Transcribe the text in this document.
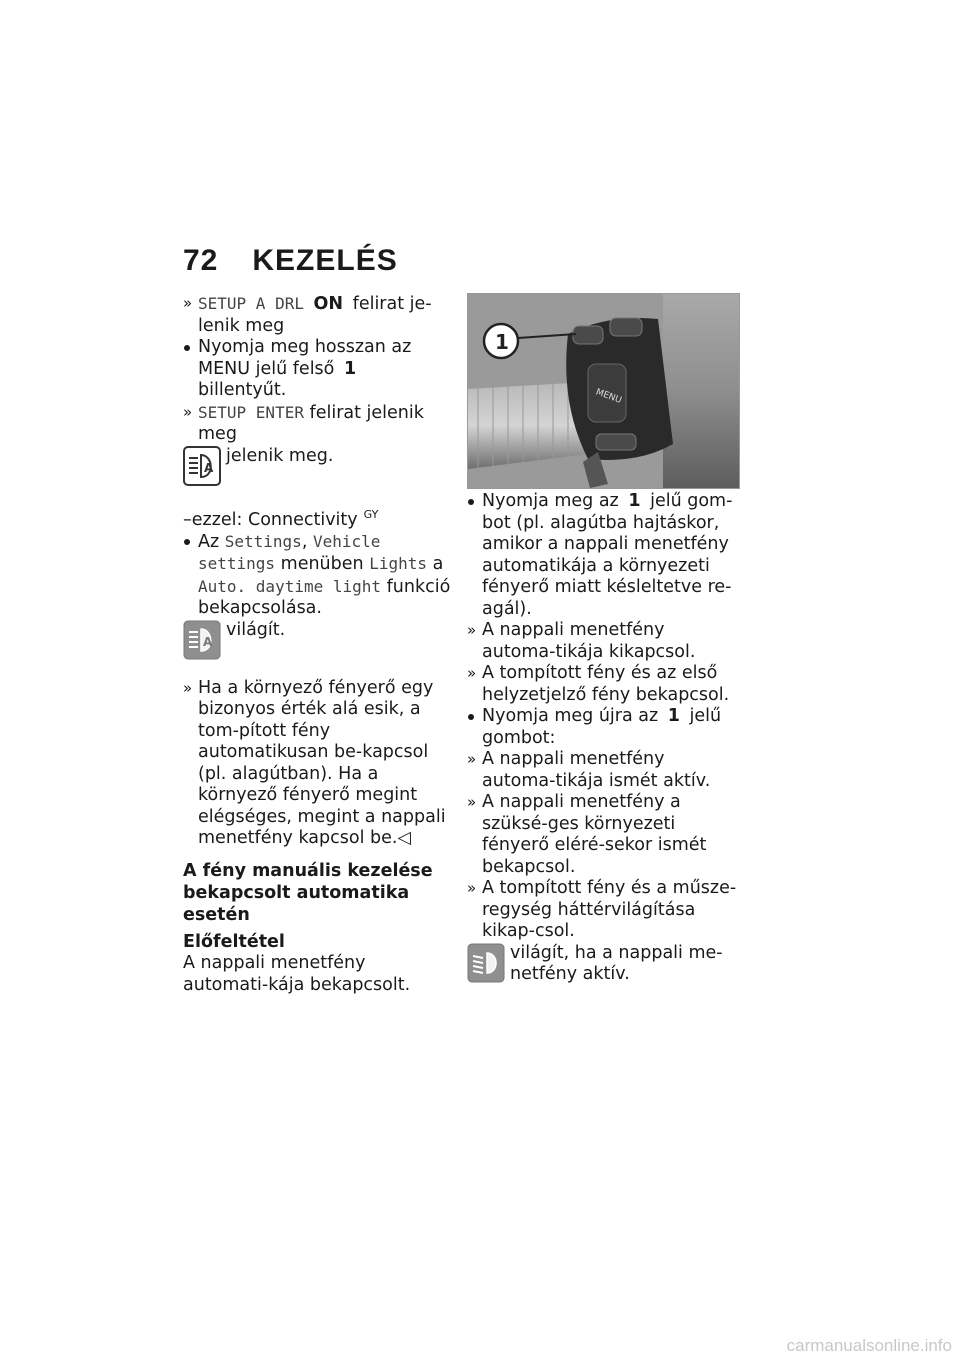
72 KEZELÉS
» SETUP A DRL ON felirat je-lenik meg
Nyomja meg hosszan az MENU jelű felső 1 billentyűt.
» SETUP ENTER felirat jelenik meg
A
jelenik meg.
–ezzel: Connectivity $^{GY}$
Az Settings, Vehicle settings menüben Lights a Auto. daytime light funkció bekapcsolása.
A
világít.
» Ha a környező fényerő egy bizonyos érték alá esik, a tom-pított fény automatikusan be-kapcsol (pl. alagútban). Ha a környező fényerő megint elégséges, megint a nappali menetfény kapcsol be.◁
A fény manuális kezelése bekapcsolt automatika esetén
Előfeltétel
A nappali menetfény automati-kája bekapcsolt.
MENU
1
Nyomja meg az 1 jelű gom-bot (pl. alagútba hajtáskor, amikor a nappali menetfény automatikája a környezeti fényerő miatt késleltetve re-agál).
» A nappali menetfény automa-tikája kikapcsol.
» A tompított fény és az első helyzetjelző fény bekapcsol.
Nyomja meg újra az 1 jelű gombot:
» A nappali menetfény automa-tikája ismét aktív.
» A nappali menetfény a szüksé-ges környezeti fényerő eléré-sekor ismét bekapcsol.
» A tompított fény és a műsze-regység háttérvilágítása kikap-csol.
világít, ha a nappali me-netfény aktív.
carmanualsonline.info
